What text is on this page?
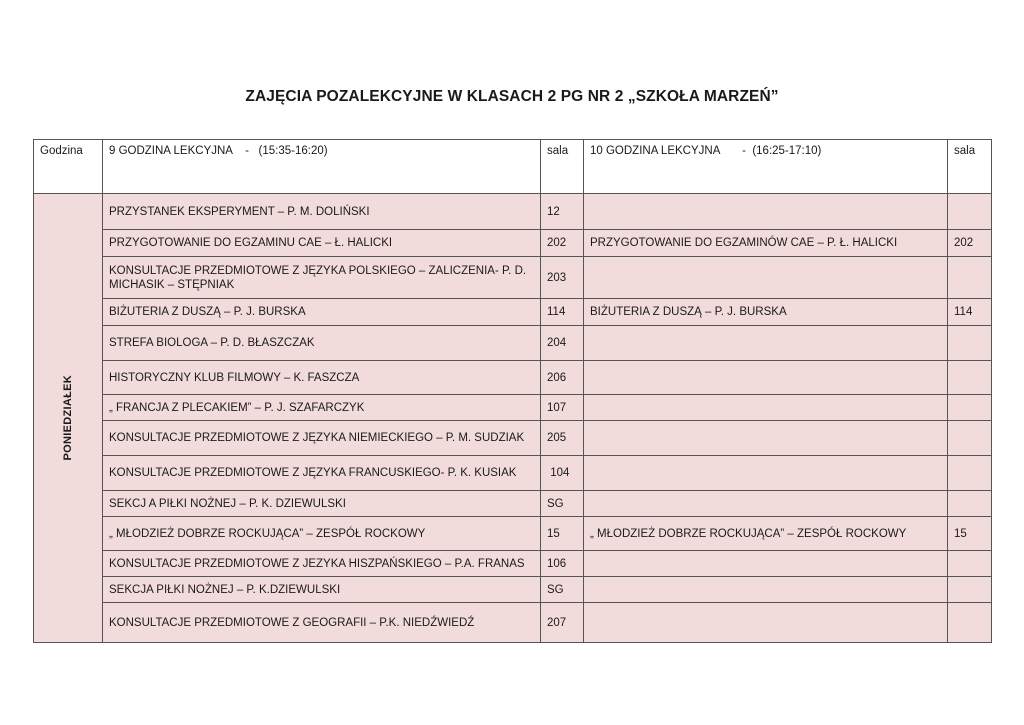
ZAJĘCIA POZALEKCYJNE W KLASACH 2 PG NR 2 „SZKOŁA MARZEŃ”
Godzina	9 GODZINA LEKCYJNA    -   (15:35-16:20)	sala	10 GODZINA LEKCYJNA       -  (16:25-17:10)	sala

PONIEDZIAŁEK	PRZYSTANEK EKSPERYMENT – P. M. DOLIŃSKI	12		
	PRZYGOTOWANIE DO EGZAMINU CAE – Ł. HALICKI	202	PRZYGOTOWANIE DO EGZAMINÓW CAE – P. Ł. HALICKI	202
	KONSULTACJE PRZEDMIOTOWE Z JĘZYKA POLSKIEGO – ZALICZENIA- P. D. MICHASIK – STĘPNIAK	203		
	BIŻUTERIA Z DUSZĄ – P. J. BURSKA	114	BIŻUTERIA Z DUSZĄ – P. J. BURSKA	114
	STREFA BIOLOGA – P. D. BŁASZCZAK	204		
	HISTORYCZNY KLUB FILMOWY – K. FASZCZA	206		
	„ FRANCJA Z PLECAKIEM” – P. J. SZAFARCZYK	107		
	KONSULTACJE PRZEDMIOTOWE Z JĘZYKA NIEMIECKIEGO – P. M. SUDZIAK	205		
	KONSULTACJE PRZEDMIOTOWE Z JĘZYKA FRANCUSKIEGO- P. K. KUSIAK	104		
	SEKCJ A PIŁKI NOŻNEJ – P. K. DZIEWULSKI	SG		
	„ MŁODZIEŻ DOBRZE ROCKUJĄCA” – ZESPÓŁ ROCKOWY	15	„ MŁODZIEŻ DOBRZE ROCKUJĄCA” – ZESPÓŁ ROCKOWY	15
	KONSULTACJE PRZEDMIOTOWE Z JEZYKA HISZPAŃSKIEGO – P.A. FRANAS	106		
	SEKCJA PIŁKI NOŻNEJ – P. K.DZIEWULSKI	SG		
	KONSULTACJE PRZEDMIOTOWE Z GEOGRAFII – P.K. NIEDŹWIEDŹ	207		
